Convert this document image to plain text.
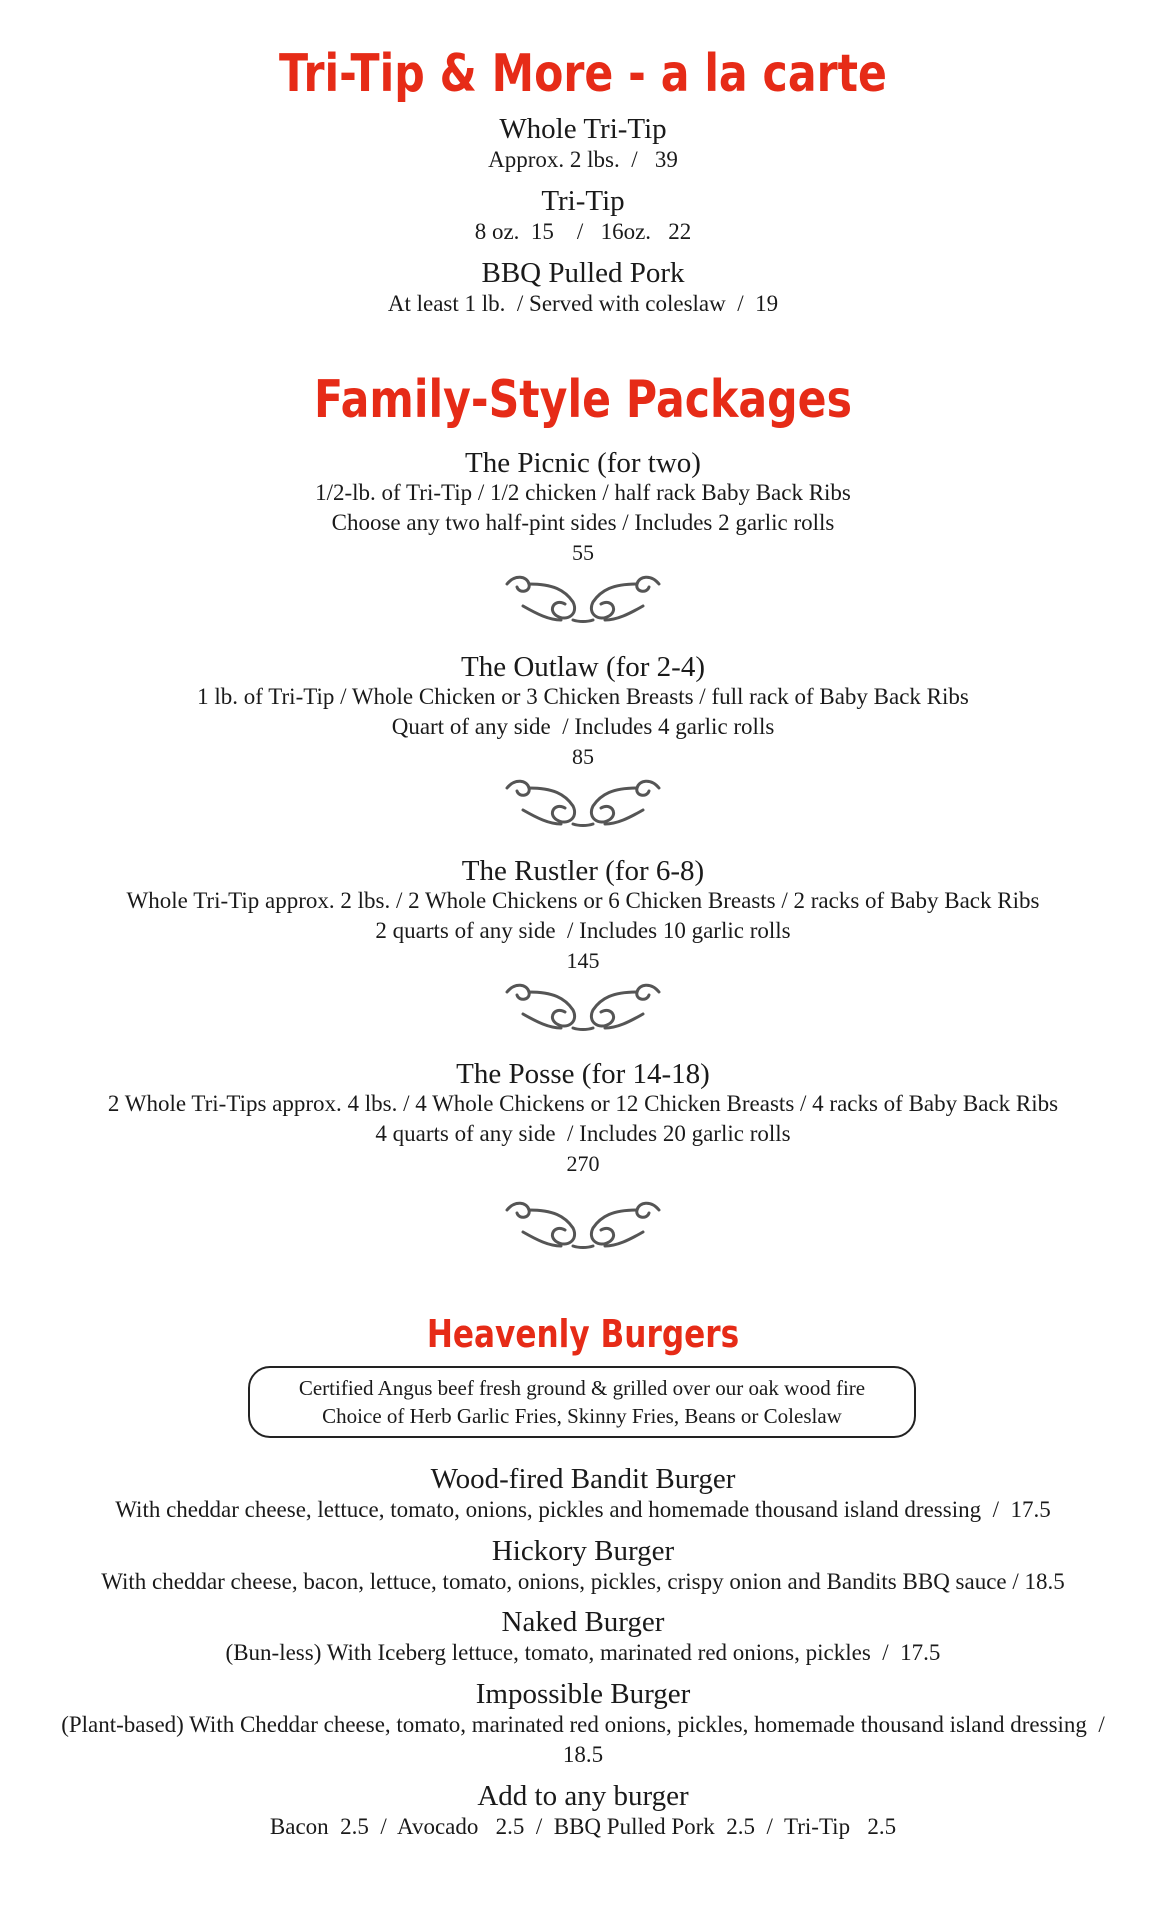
Tri-Tip & More - a la carte
Whole Tri-Tip
Approx. 2 lbs.  /   39
Tri-Tip
8 oz.  15    /   16oz.   22
BBQ Pulled Pork
At least 1 lb.  / Served with coleslaw  /  19
Family-Style Packages
The Picnic (for two)
1/2-lb. of Tri-Tip / 1/2 chicken / half rack Baby Back Ribs
Choose any two half-pint sides / Includes 2 garlic rolls
55
The Outlaw (for 2-4)
1 lb. of Tri-Tip / Whole Chicken or 3 Chicken Breasts / full rack of Baby Back Ribs
Quart of any side  / Includes 4 garlic rolls
85
The Rustler (for 6-8)
Whole Tri-Tip approx. 2 lbs. / 2 Whole Chickens or 6 Chicken Breasts / 2 racks of Baby Back Ribs
2 quarts of any side  / Includes 10 garlic rolls
145
The Posse (for 14-18)
2 Whole Tri-Tips approx. 4 lbs. / 4 Whole Chickens or 12 Chicken Breasts / 4 racks of Baby Back Ribs
4 quarts of any side  / Includes 20 garlic rolls
270
Heavenly Burgers
Certified Angus beef fresh ground & grilled over our oak wood fire
Choice of Herb Garlic Fries, Skinny Fries, Beans or Coleslaw
Wood-fired Bandit Burger
With cheddar cheese, lettuce, tomato, onions, pickles and homemade thousand island dressing  /  17.5
Hickory Burger
With cheddar cheese, bacon, lettuce, tomato, onions, pickles, crispy onion and Bandits BBQ sauce / 18.5
Naked Burger
(Bun-less) With Iceberg lettuce, tomato, marinated red onions, pickles  /  17.5
Impossible Burger
(Plant-based) With Cheddar cheese, tomato, marinated red onions, pickles, homemade thousand island dressing  /  18.5
Add to any burger
Bacon  2.5  /  Avocado   2.5  /  BBQ Pulled Pork  2.5  /  Tri-Tip   2.5
